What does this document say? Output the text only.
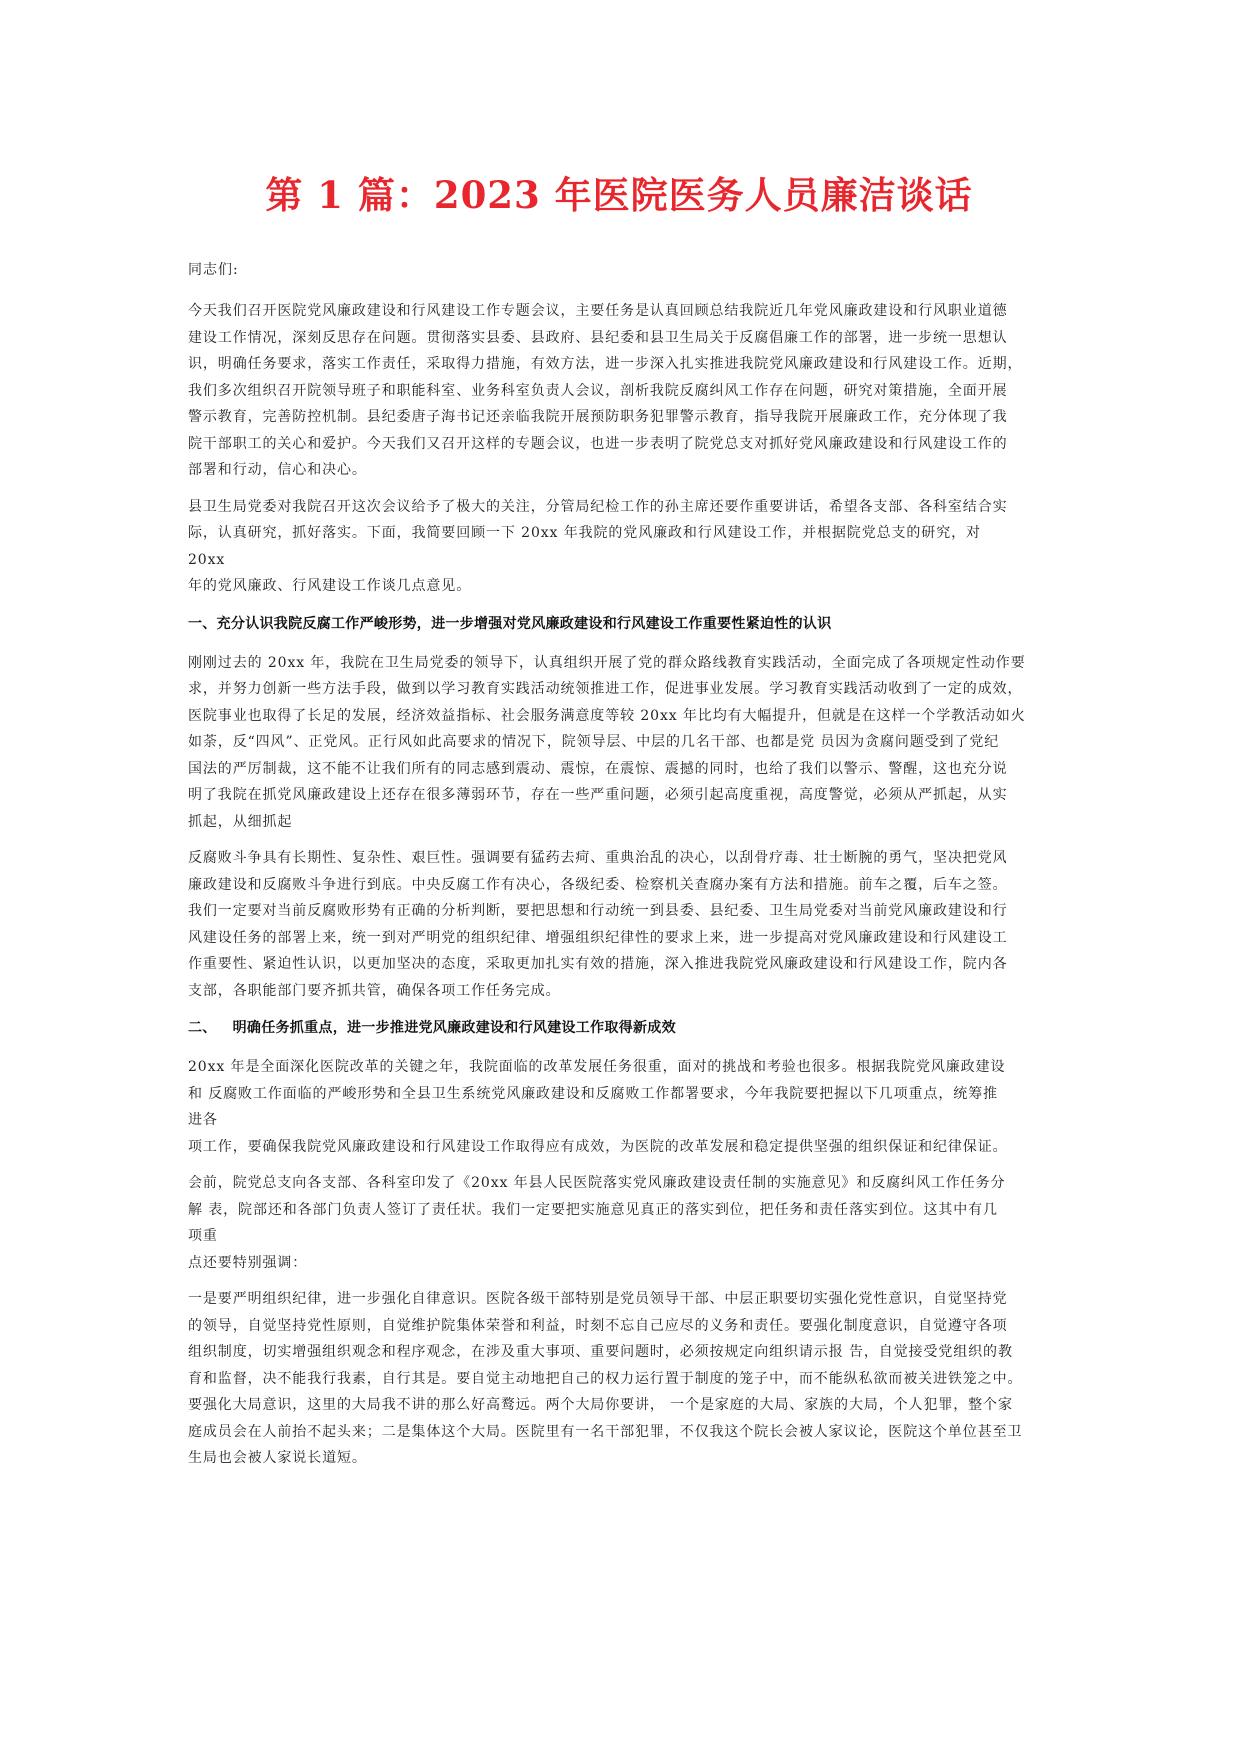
第 1 篇：2023 年医院医务人员廉洁谈话
同志们:
今天我们召开医院党风廉政建设和行风建设工作专题会议，主要任务是认真回顾总结我院近几年党风廉政建设和行风职业道德
建设工作情况，深刻反思存在问题。贯彻落实县委、县政府、县纪委和县卫生局关于反腐倡廉工作的部署，进一步统一思想认
识，明确任务要求，落实工作责任，采取得力措施，有效方法，进一步深入扎实推进我院党风廉政建设和行风建设工作。近期，
我们多次组织召开院领导班子和职能科室、业务科室负责人会议，剖析我院反腐纠风工作存在问题，研究对策措施，全面开展
警示教育，完善防控机制。县纪委唐子海书记还亲临我院开展预防职务犯罪警示教育，指导我院开展廉政工作，充分体现了我
院干部职工的关心和爱护。今天我们又召开这样的专题会议，也进一步表明了院党总支对抓好党风廉政建设和行风建设工作的
部署和行动，信心和决心。
县卫生局党委对我院召开这次会议给予了极大的关注，分管局纪检工作的孙主席还要作重要讲话，希望各支部、各科室结合实
际，认真研究，抓好落实。下面，我简要回顾一下 20xx 年我院的党风廉政和行风建设工作，并根据院党总支的研究，对
20xx
年的党风廉政、行风建设工作谈几点意见。
一、充分认识我院反腐工作严峻形势，进一步增强对党风廉政建设和行风建设工作重要性紧迫性的认识
刚刚过去的 20xx 年，我院在卫生局党委的领导下，认真组织开展了党的群众路线教育实践活动，全面完成了各项规定性动作要
求，并努力创新一些方法手段，做到以学习教育实践活动统领推进工作，促进事业发展。学习教育实践活动收到了一定的成效，
医院事业也取得了长足的发展，经济效益指标、社会服务满意度等较 20xx 年比均有大幅提升，但就是在这样一个学教活动如火
如荼，反“四风”、正党风。正行风如此高要求的情况下，院领导层、中层的几名干部、也都是党 员因为贪腐问题受到了党纪
国法的严厉制裁，这不能不让我们所有的同志感到震动、震惊，在震惊、震撼的同时，也给了我们以警示、警醒，这也充分说
明了我院在抓党风廉政建设上还存在很多薄弱环节，存在一些严重问题，必须引起高度重视，高度警觉，必须从严抓起，从实
抓起，从细抓起
反腐败斗争具有长期性、复杂性、艰巨性。强调要有猛药去疴、重典治乱的决心，以刮骨疗毒、壮士断腕的勇气，坚决把党风
廉政建设和反腐败斗争进行到底。中央反腐工作有决心，各级纪委、检察机关查腐办案有方法和措施。前车之覆，后车之签。
我们一定要对当前反腐败形势有正确的分析判断，要把思想和行动统一到县委、县纪委、卫生局党委对当前党风廉政建设和行
风建设任务的部署上来，统一到对严明党的组织纪律、增强组织纪律性的要求上来，进一步提高对党风廉政建设和行风建设工
作重要性、紧迫性认识，以更加坚决的态度，采取更加扎实有效的措施，深入推进我院党风廉政建设和行风建设工作，院内各
支部，各职能部门要齐抓共管，确保各项工作任务完成。
二、 明确任务抓重点，进一步推进党风廉政建设和行风建设工作取得新成效
20xx 年是全面深化医院改革的关键之年，我院面临的改革发展任务很重，面对的挑战和考验也很多。根据我院党风廉政建设
和 反腐败工作面临的严峻形势和全县卫生系统党风廉政建设和反腐败工作都署要求，今年我院要把握以下几项重点，统筹推
进各
项工作，要确保我院党风廉政建设和行风建设工作取得应有成效，为医院的改革发展和稳定提供坚强的组织保证和纪律保证。
会前，院党总支向各支部、各科室印发了《20xx 年县人民医院落实党风廉政建设责任制的实施意见》和反腐纠风工作任务分
解 表，院部还和各部门负责人签订了责任状。我们一定要把实施意见真正的落实到位，把任务和责任落实到位。这其中有几
项重
点还要特别强调：
一是要严明组织纪律，进一步强化自律意识。医院各级干部特别是党员领导干部、中层正职要切实强化党性意识，自觉坚持党
的领导，自觉坚持党性原则，自觉维护院集体荣誉和利益，时刻不忘自己应尽的义务和责任。要强化制度意识，自觉遵守各项
组织制度，切实增强组织观念和程序观念，在涉及重大事项、重要问题时，必须按规定向组织请示报 告，自觉接受党组织的教
育和监督，决不能我行我素，自行其是。要自觉主动地把自己的权力运行置于制度的笼子中，而不能纵私欲而被关进铁笼之中。
要强化大局意识，这里的大局我不讲的那么好高鹜远。两个大局你要讲， 一个是家庭的大局、家族的大局，个人犯罪，整个家
庭成员会在人前抬不起头来；二是集体这个大局。医院里有一名干部犯罪，不仅我这个院长会被人家议论，医院这个单位甚至卫
生局也会被人家说长道短。
